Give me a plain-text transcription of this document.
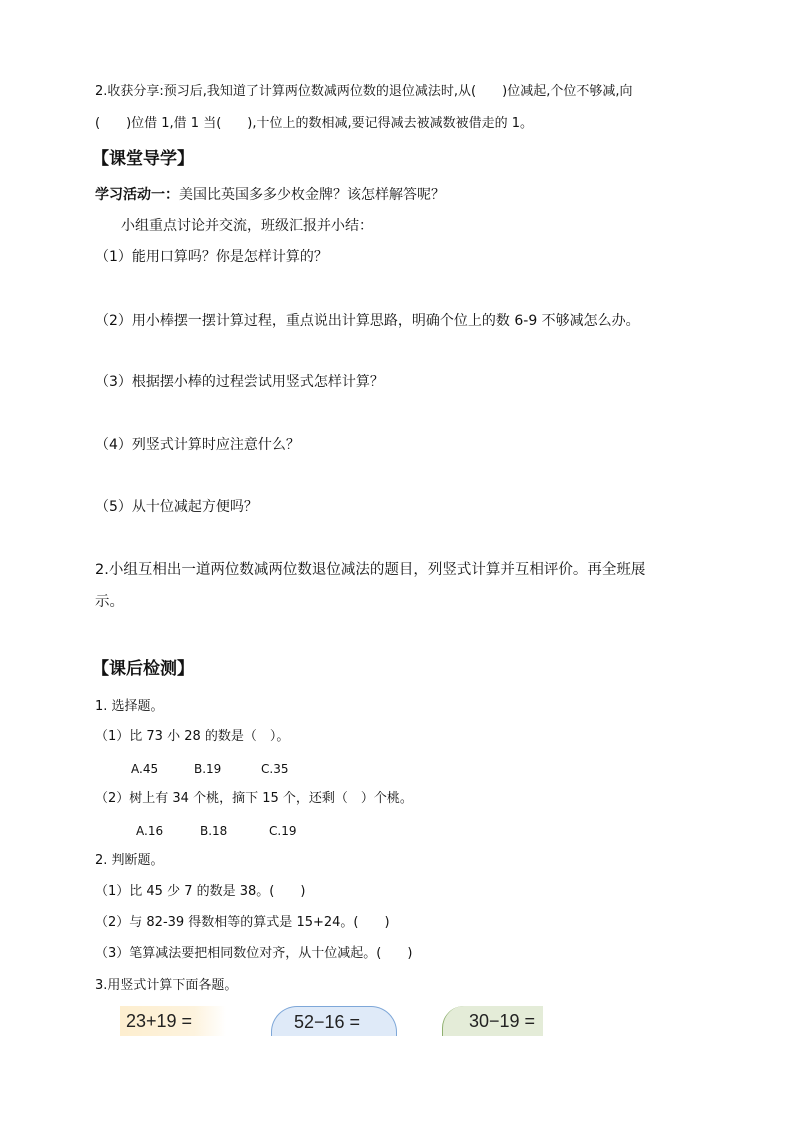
2.收获分享:预习后,我知道了计算两位数减两位数的退位减法时,从(　　)位减起,个位不够减,向
(　　)位借 1,借 1 当(　　),十位上的数相减,要记得减去被减数被借走的 1。
【课堂导学】
学习活动一：美国比英国多多少枚金牌？该怎样解答呢？
小组重点讨论并交流，班级汇报并小结：
（1）能用口算吗？你是怎样计算的？
（2）用小棒摆一摆计算过程，重点说出计算思路，明确个位上的数 6-9 不够减怎么办。
（3）根据摆小棒的过程尝试用竖式怎样计算？
（4）列竖式计算时应注意什么？
（5）从十位减起方便吗？
2.小组互相出一道两位数减两位数退位减法的题目，列竖式计算并互相评价。再全班展
示。
【课后检测】
1. 选择题。
（1）比 73 小 28 的数是（　）。
A.45	B.19	C.35
（2）树上有 34 个桃，摘下 15 个，还剩（　）个桃。
A.16	B.18	C.19
2. 判断题。
（1）比 45 少 7 的数是 38。(　　)
（2）与 82-39 得数相等的算式是 15+24。(　　)
（3）笔算减法要把相同数位对齐，从十位减起。(　　)
3.用竖式计算下面各题。
23+19 =	52−16 =	30−19 =
